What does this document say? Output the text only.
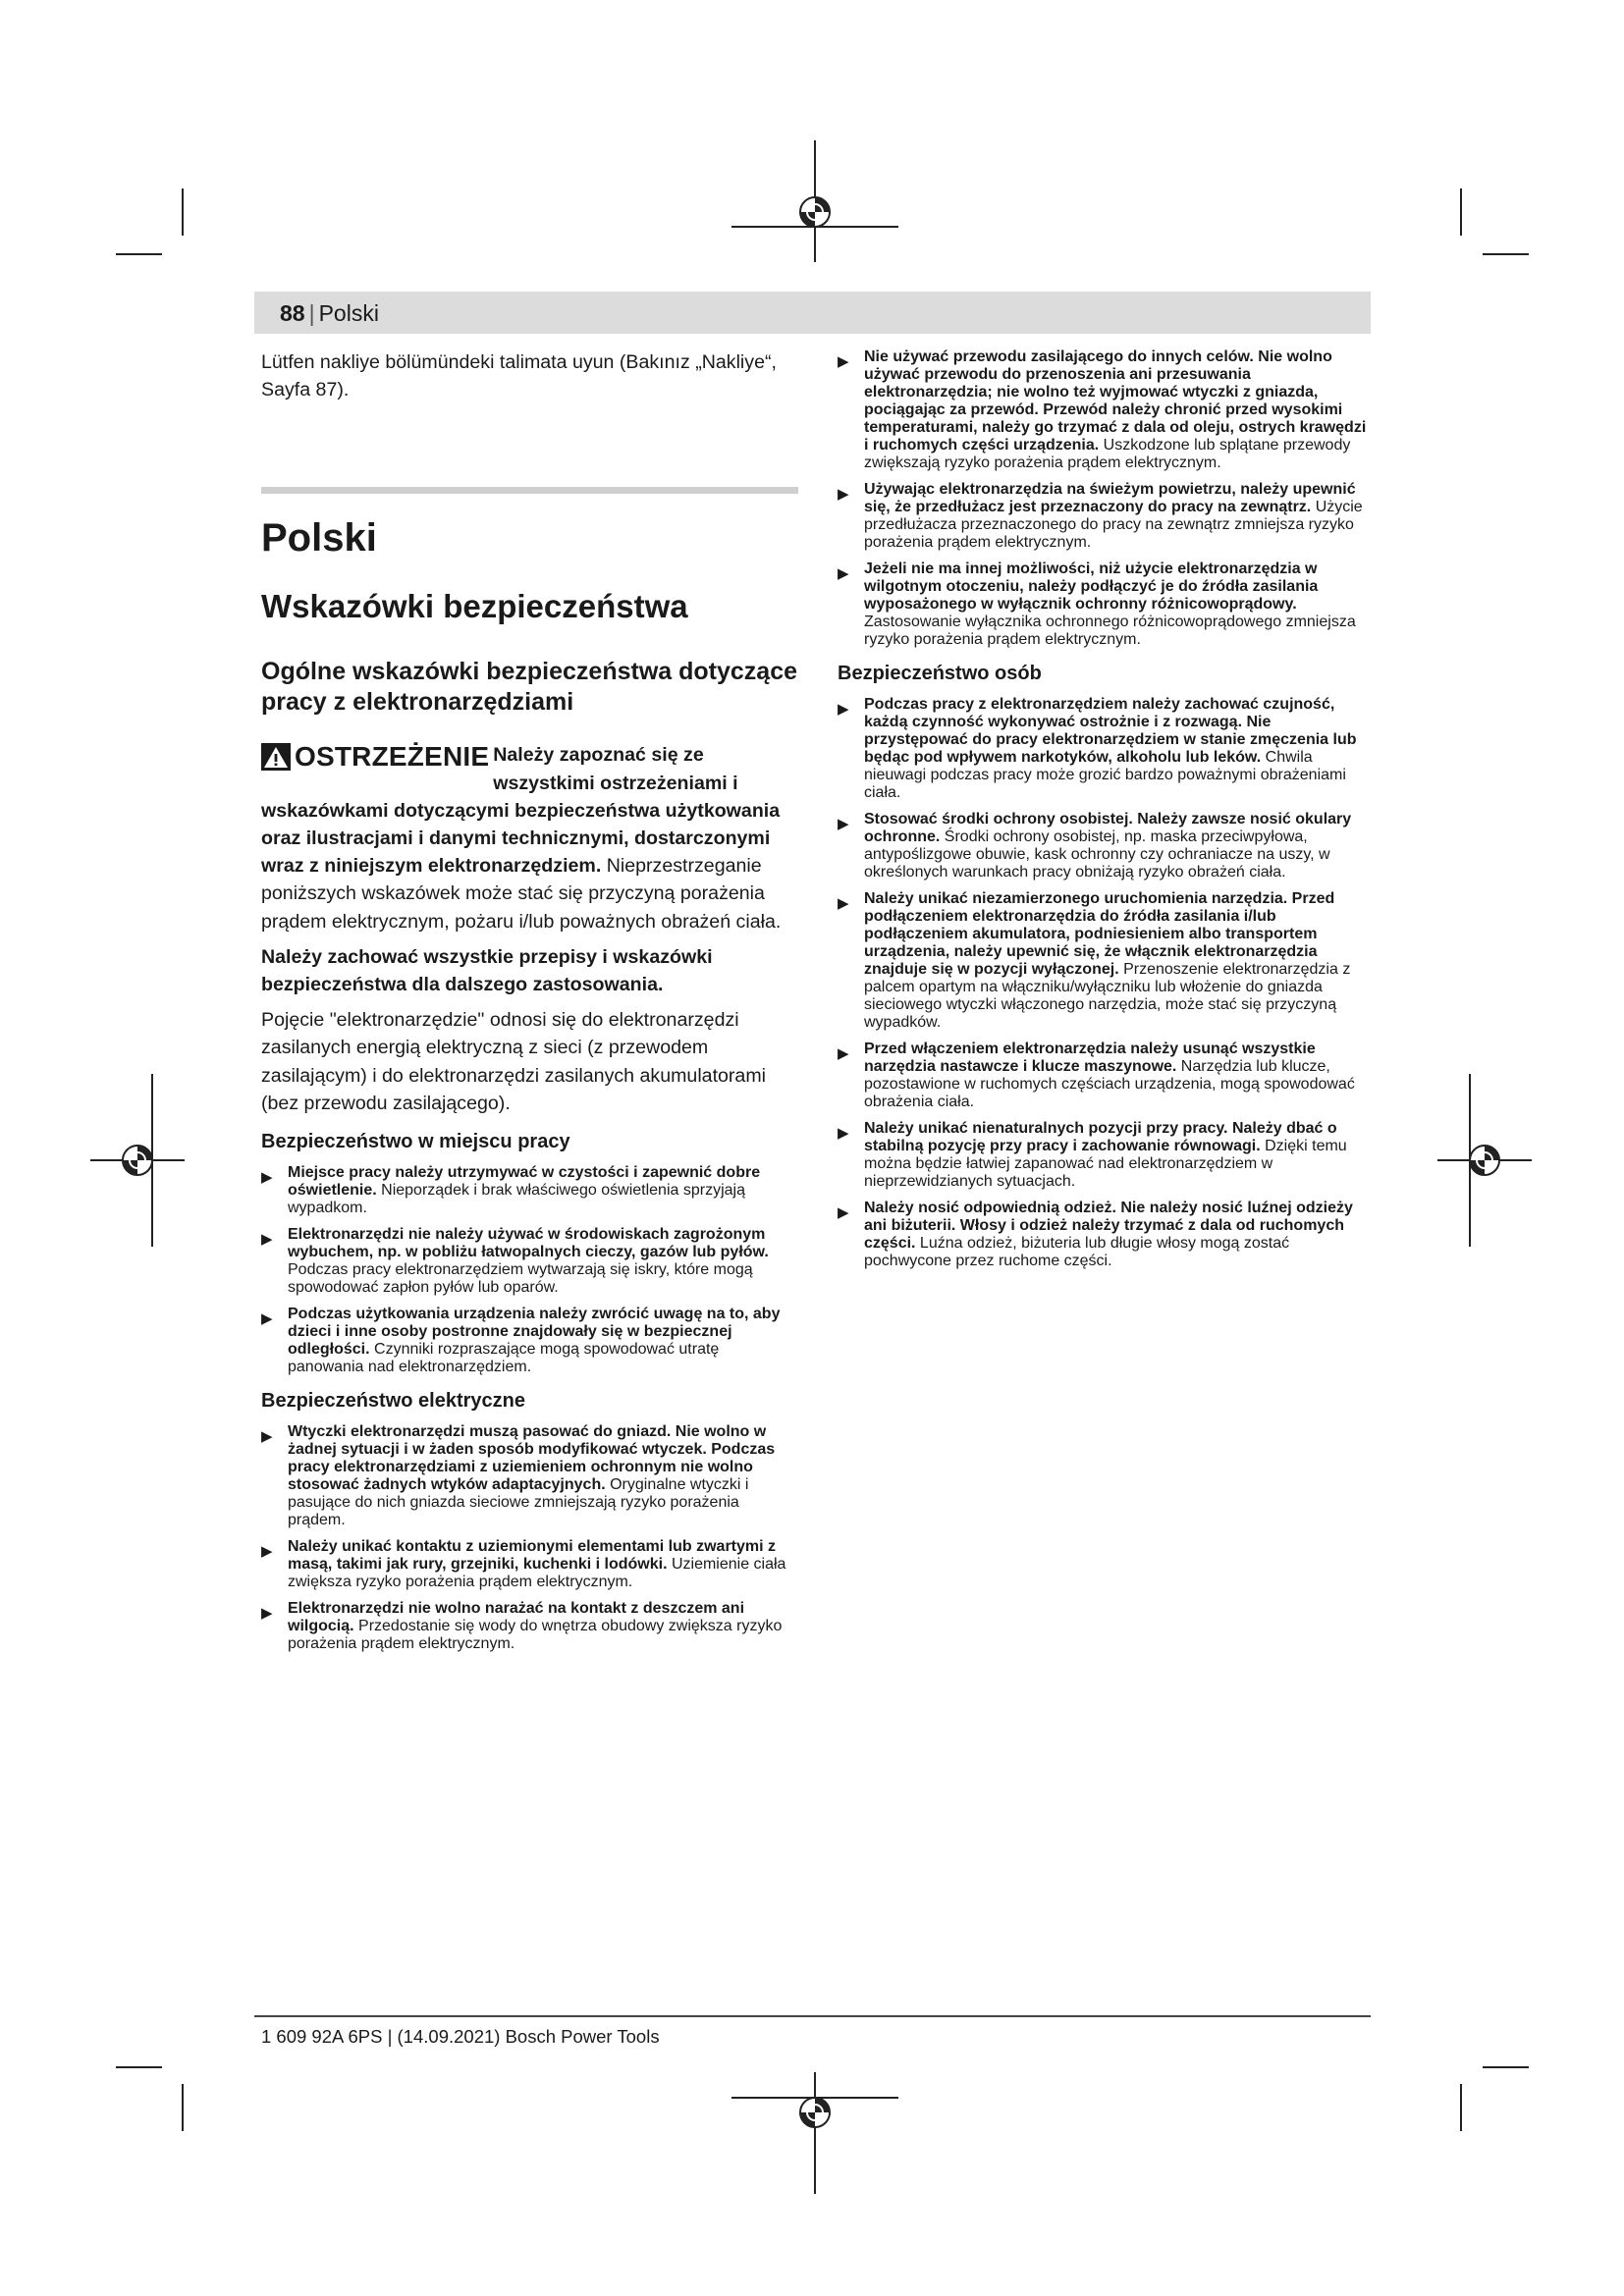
88 | Polski

Lütfen nakliye bölümündeki talimata uyun (Bakınız „Nakliye“, Sayfa 87).

Polski
Wskazówki bezpieczeństwa
Ogólne wskazówki bezpieczeństwa dotyczące pracy z elektronarzędziami
OSTRZEŻENIE Należy zapoznać się ze wszystkimi ostrzeżeniami i wskazówkami dotyczącymi bezpieczeństwa użytkowania oraz ilustracjami i danymi technicznymi, dostarczonymi wraz z niniejszym elektronarzędziem. Nieprzestrzeganie poniższych wskazówek może stać się przyczyną porażenia prądem elektrycznym, pożaru i/lub poważnych obrażeń ciała.

Należy zachować wszystkie przepisy i wskazówki bezpieczeństwa dla dalszego zastosowania.

Pojęcie "elektronarzędzie" odnosi się do elektronarzędzi zasilanych energią elektryczną z sieci (z przewodem zasilającym) i do elektronarzędzi zasilanych akumulatorami (bez przewodu zasilającego).

Bezpieczeństwo w miejscu pracy
▶ Miejsce pracy należy utrzymywać w czystości i zapewnić dobre oświetlenie. Nieporządek i brak właściwego oświetlenia sprzyjają wypadkom.
▶ Elektronarzędzi nie należy używać w środowiskach zagrożonym wybuchem, np. w pobliżu łatwopalnych cieczy, gazów lub pyłów. Podczas pracy elektronarzędziem wytwarzają się iskry, które mogą spowodować zapłon pyłów lub oparów.
▶ Podczas użytkowania urządzenia należy zwrócić uwagę na to, aby dzieci i inne osoby postronne znajdowały się w bezpiecznej odległości. Czynniki rozpraszające mogą spowodować utratę panowania nad elektronarzędziem.
Bezpieczeństwo elektryczne
▶ Wtyczki elektronarzędzi muszą pasować do gniazd. Nie wolno w żadnej sytuacji i w żaden sposób modyfikować wtyczek. Podczas pracy elektronarzędziami z uziemieniem ochronnym nie wolno stosować żadnych wtyków adaptacyjnych. Oryginalne wtyczki i pasujące do nich gniazda sieciowe zmniejszają ryzyko porażenia prądem.
▶ Należy unikać kontaktu z uziemionymi elementami lub zwartymi z masą, takimi jak rury, grzejniki, kuchenki i lodówki. Uziemienie ciała zwiększa ryzyko porażenia prądem elektrycznym.
▶ Elektronarzędzi nie wolno narażać na kontakt z deszczem ani wilgocią. Przedostanie się wody do wnętrza obudowy zwiększa ryzyko porażenia prądem elektrycznym.
▶ Nie używać przewodu zasilającego do innych celów. Nie wolno używać przewodu do przenoszenia ani przesuwania elektronarzędzia; nie wolno też wyjmować wtyczki z gniazda, pociągając za przewód. Przewód należy chronić przed wysokimi temperaturami, należy go trzymać z dala od oleju, ostrych krawędzi i ruchomych części urządzenia. Uszkodzone lub splątane przewody zwiększają ryzyko porażenia prądem elektrycznym.
▶ Używając elektronarzędzia na świeżym powietrzu, należy upewnić się, że przedłużacz jest przeznaczony do pracy na zewnątrz. Użycie przedłużacza przeznaczonego do pracy na zewnątrz zmniejsza ryzyko porażenia prądem elektrycznym.
▶ Jeżeli nie ma innej możliwości, niż użycie elektronarzędzia w wilgotnym otoczeniu, należy podłączyć je do źródła zasilania wyposażonego w wyłącznik ochronny różnicowoprądowy. Zastosowanie wyłącznika ochronnego różnicowoprądowego zmniejsza ryzyko porażenia prądem elektrycznym.
Bezpieczeństwo osób
▶ Podczas pracy z elektronarzędziem należy zachować czujność, każdą czynność wykonywać ostrożnie i z rozwagą. Nie przystępować do pracy elektronarzędziem w stanie zmęczenia lub będąc pod wpływem narkotyków, alkoholu lub leków. Chwila nieuwagi podczas pracy może grozić bardzo poważnymi obrażeniami ciała.
▶ Stosować środki ochrony osobistej. Należy zawsze nosić okulary ochronne. Środki ochrony osobistej, np. maska przeciwpyłowa, antypoślizgowe obuwie, kask ochronny czy ochraniacze na uszy, w określonych warunkach pracy obniżają ryzyko obrażeń ciała.
▶ Należy unikać niezamierzonego uruchomienia narzędzia. Przed podłączeniem elektronarzędzia do źródła zasilania i/lub podłączeniem akumulatora, podniesieniem albo transportem urządzenia, należy upewnić się, że włącznik elektronarzędzia znajduje się w pozycji wyłączonej. Przenoszenie elektronarzędzia z palcem opartym na włączniku/wyłączniku lub włożenie do gniazda sieciowego wtyczki włączonego narzędzia, może stać się przyczyną wypadków.
▶ Przed włączeniem elektronarzędzia należy usunąć wszystkie narzędzia nastawcze i klucze maszynowe. Narzędzia lub klucze, pozostawione w ruchomych częściach urządzenia, mogą spowodować obrażenia ciała.
▶ Należy unikać nienaturalnych pozycji przy pracy. Należy dbać o stabilną pozycję przy pracy i zachowanie równowagi. Dzięki temu można będzie łatwiej zapanować nad elektronarzędziem w nieprzewidzianych sytuacjach.
▶ Należy nosić odpowiednią odzież. Nie należy nosić luźnej odzieży ani biżuterii. Włosy i odzież należy trzymać z dala od ruchomych części. Luźna odzież, biżuteria lub długie włosy mogą zostać pochwycone przez ruchome części.
1 609 92A 6PS | (14.09.2021) Bosch Power Tools
